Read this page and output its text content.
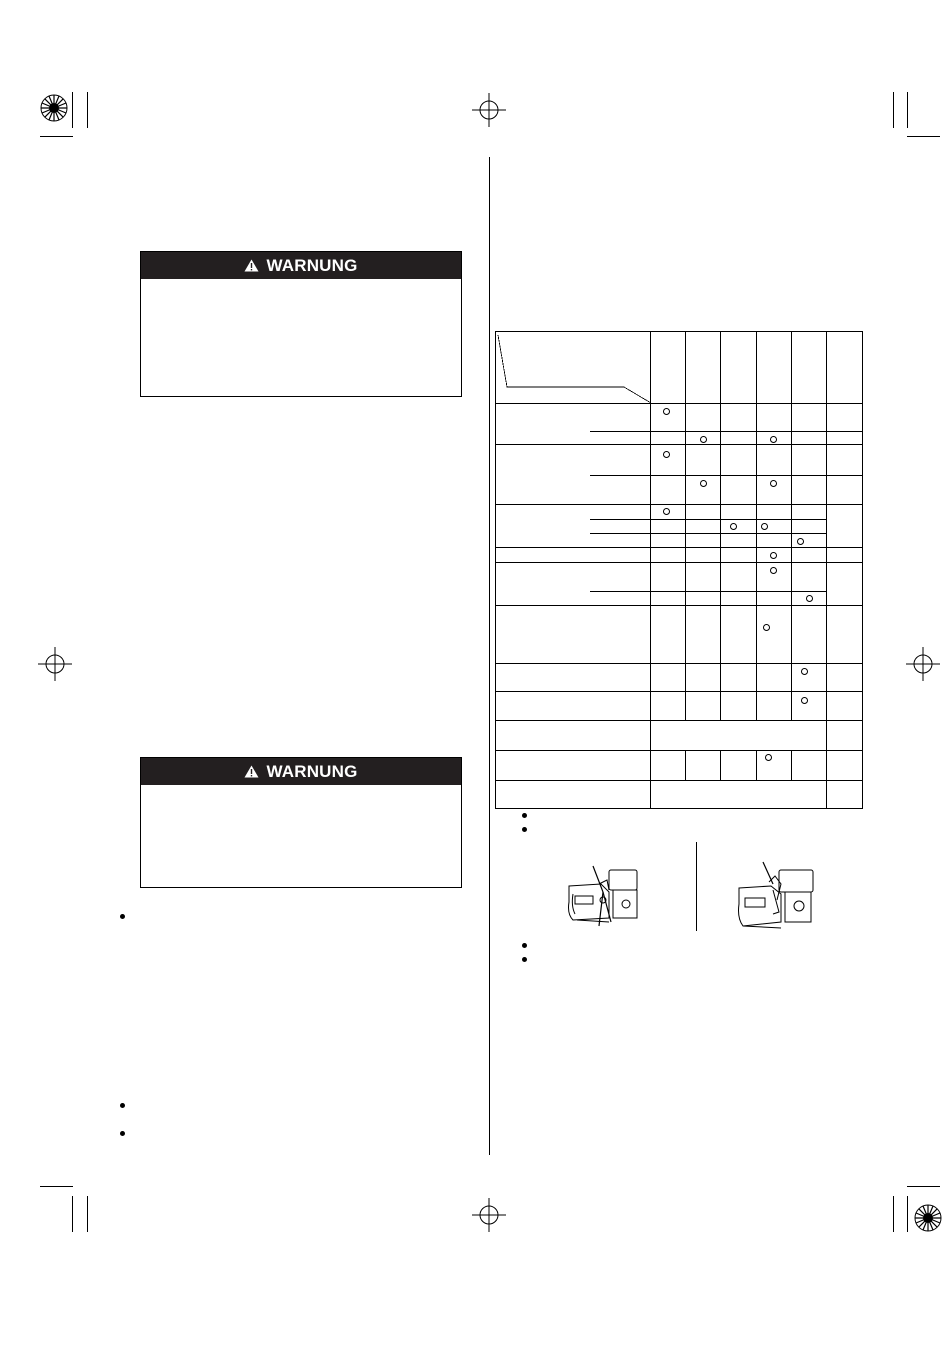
WARNUNG
WARNUNG
